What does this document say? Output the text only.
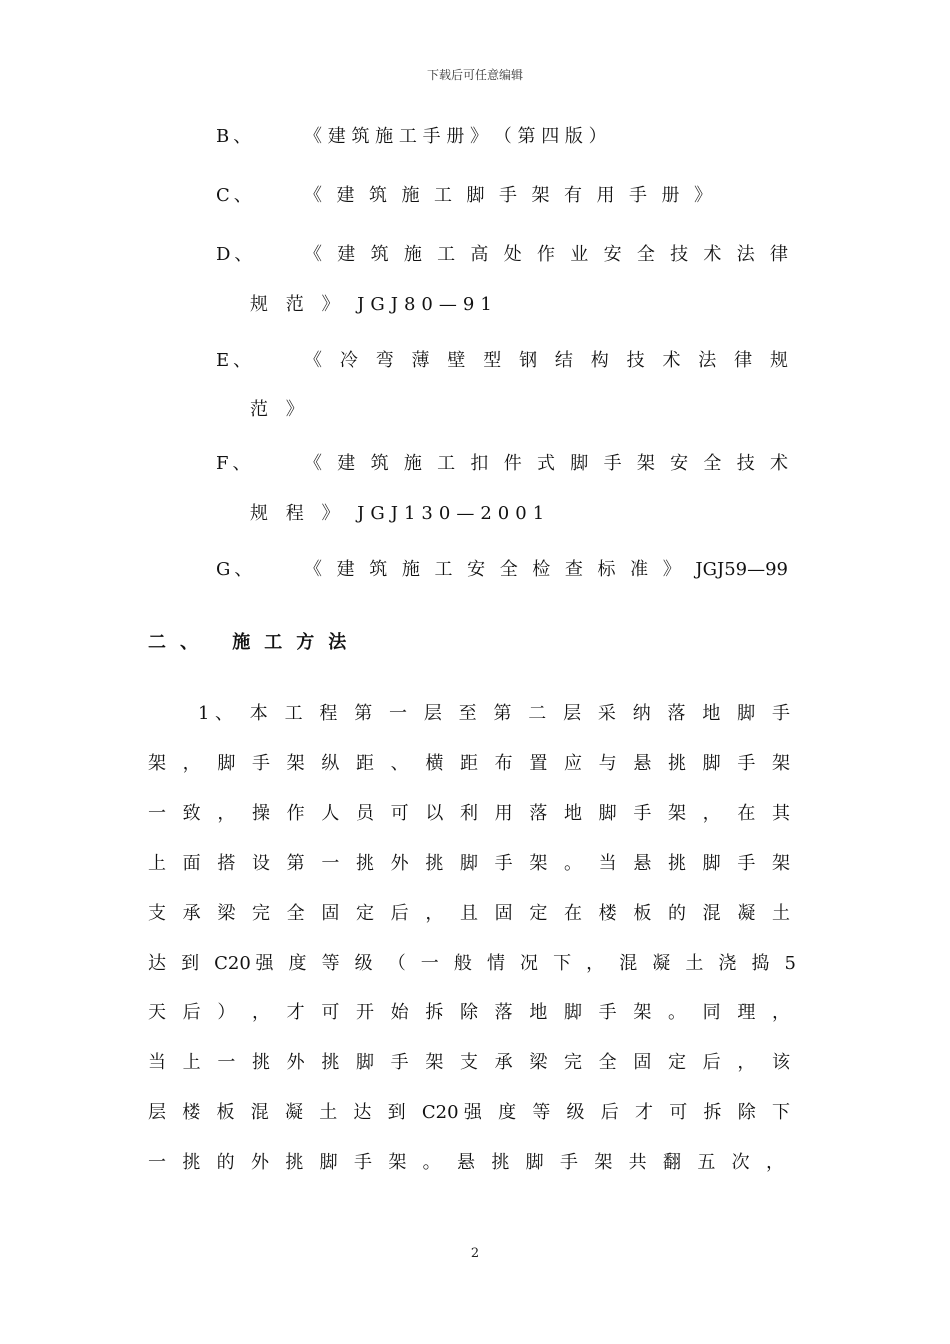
下载后可任意编辑
B、	《 建 筑 施 工 手 册 》 （ 第 四 版 ）
C、	《 建 筑 施 工 脚 手 架 有 用 手 册 》
D、	《 建 筑 施 工 高 处 作 业 安 全 技 术 法 律
规 范 》 JGJ80—91
E、	《 冷 弯 薄 壁 型 钢 结 构 技 术 法 律 规
范 》
F、	《 建 筑 施 工 扣 件 式 脚 手 架 安 全 技 术
规 程 》 JGJ130—2001
G、	《 建 筑 施 工 安 全 检 查 标 准 》 JGJ59—99
二、 施工方法
1、 本 工 程 第 一 层 至 第 二 层 采 纳 落 地 脚 手
架 ， 脚 手 架 纵 距 、 横 距 布 置 应 与 悬 挑 脚 手 架
一 致 ， 操 作 人 员 可 以 利 用 落 地 脚 手 架 ， 在 其
上 面 搭 设 第 一 挑 外 挑 脚 手 架 。 当 悬 挑 脚 手 架
支 承 梁 完 全 固 定 后 ， 且 固 定 在 楼 板 的 混 凝 土
达 到 C20强 度 等 级 （ 一 般 情 况 下 ， 混 凝 土 浇 捣 5
天 后 ） ， 才 可 开 始 拆 除 落 地 脚 手 架 。 同 理 ，
当 上 一 挑 外 挑 脚 手 架 支 承 梁 完 全 固 定 后 ， 该
层 楼 板 混 凝 土 达 到 C20强 度 等 级 后 才 可 拆 除 下
一 挑 的 外 挑 脚 手 架 。 悬 挑 脚 手 架 共 翻 五 次 ，
2
